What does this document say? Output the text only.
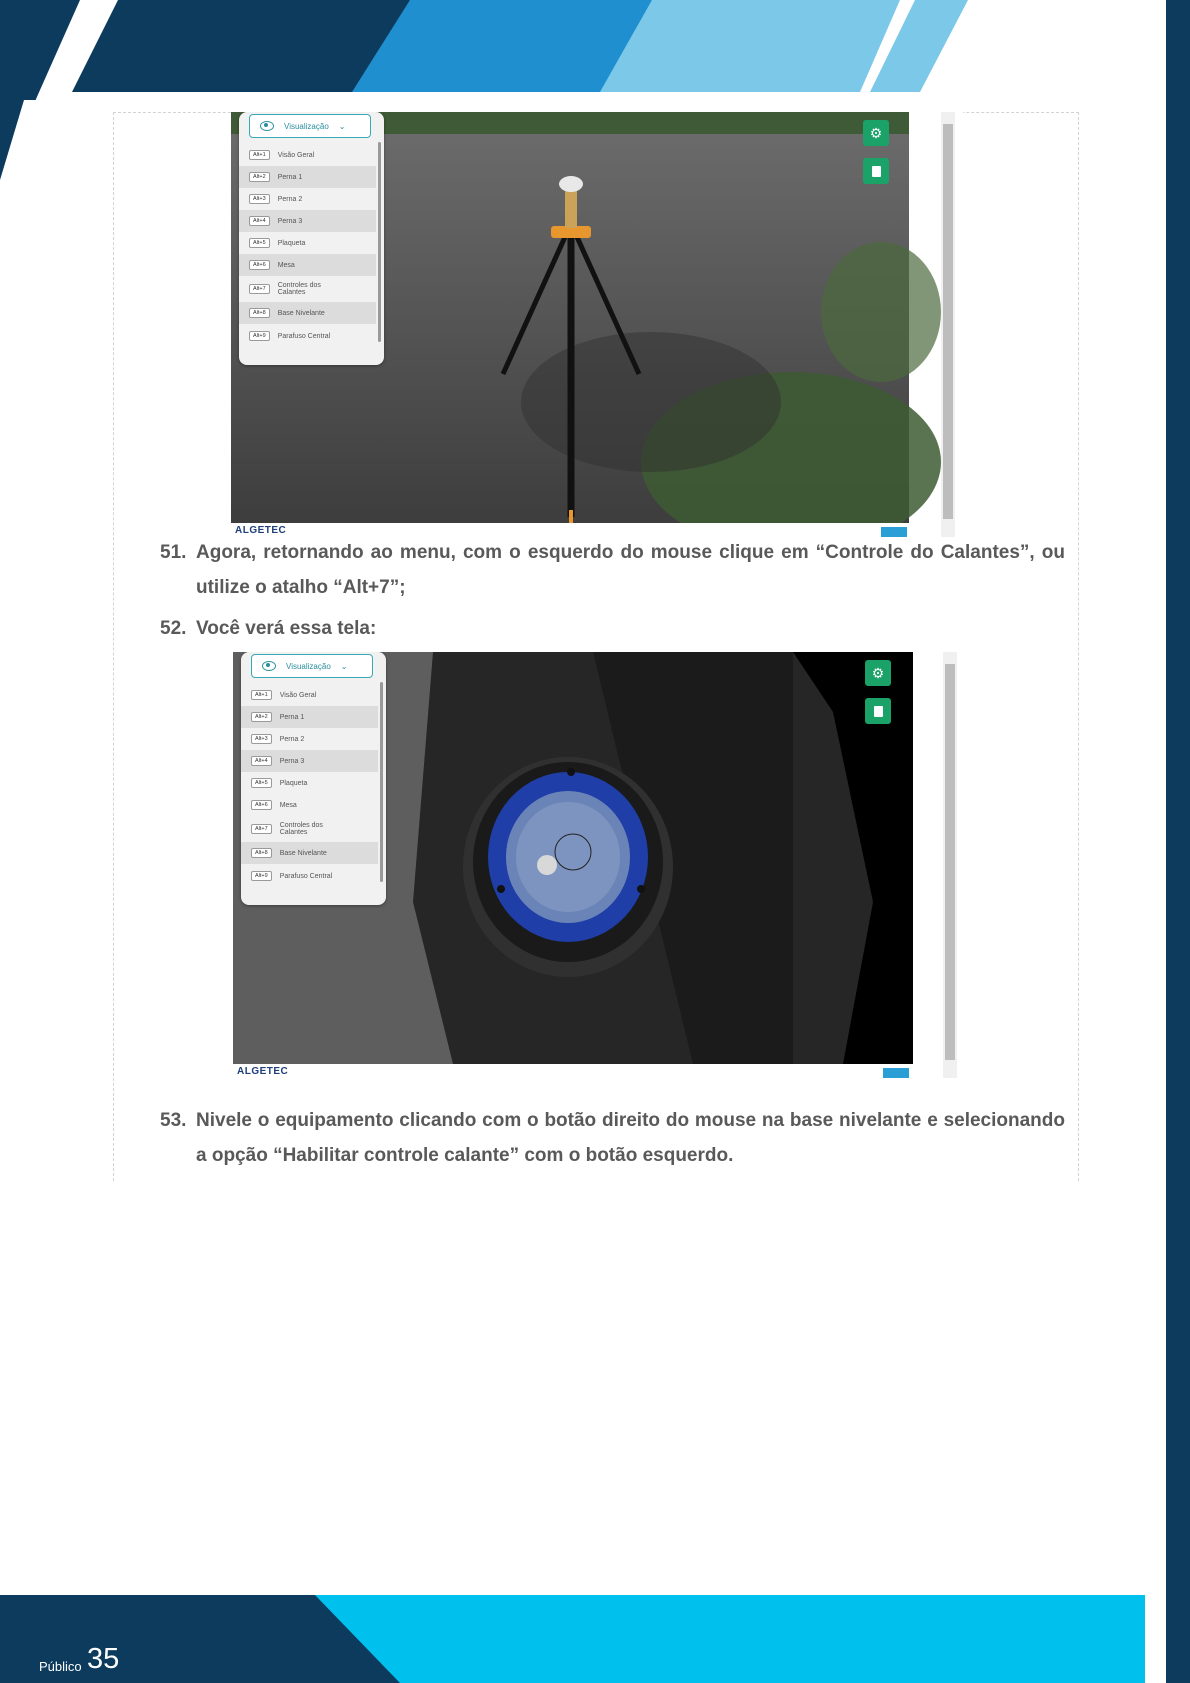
Visualização ⌄
Alt+1	Visão Geral
Alt+2	Perna 1
Alt+3	Perna 2
Alt+4	Perna 3
Alt+5	Plaqueta
Alt+6	Mesa
Alt+7	Controles dos Calantes
Alt+8	Base Nivelante
Alt+9	Parafuso Central
⚙
ALGETEC
51. Agora, retornando ao menu, com o esquerdo do mouse clique em “Controle do Calantes”, ou utilize o atalho “Alt+7”;
52. Você verá essa tela:
Visualização ⌄
Alt+1	Visão Geral
Alt+2	Perna 1
Alt+3	Perna 2
Alt+4	Perna 3
Alt+5	Plaqueta
Alt+6	Mesa
Alt+7	Controles dos Calantes
Alt+8	Base Nivelante
Alt+9	Parafuso Central
⚙
ALGETEC
53. Nivele o equipamento clicando com o botão direito do mouse na base nivelante e selecionando a opção “Habilitar controle calante” com o botão esquerdo.
Público 35
